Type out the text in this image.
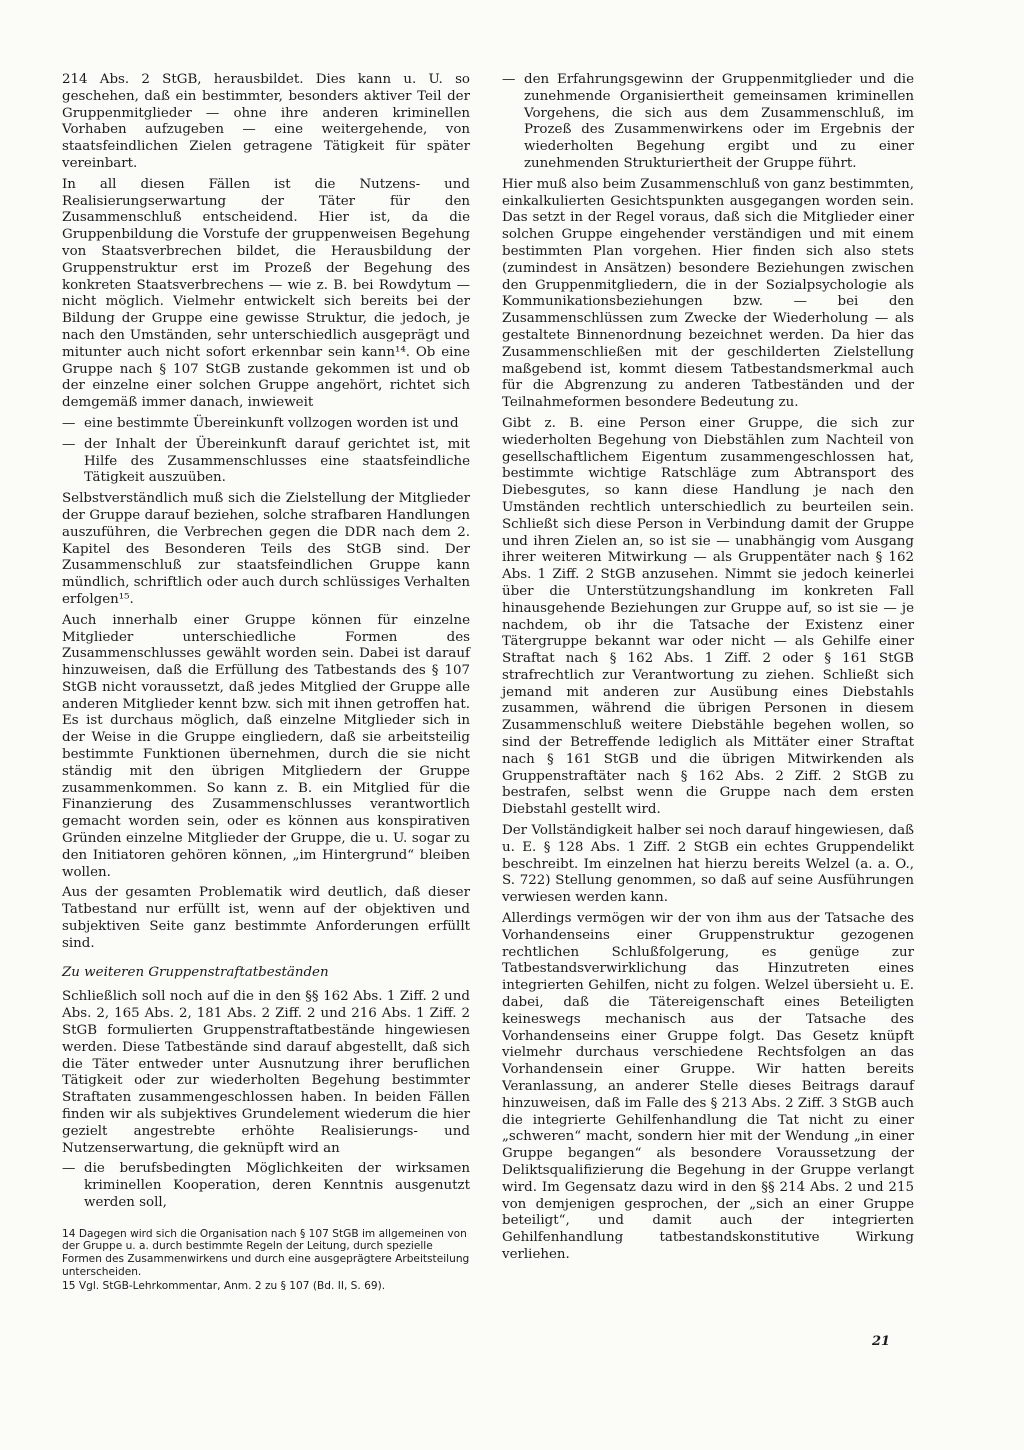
214 Abs. 2 StGB, herausbildet. Dies kann u. U. so geschehen, daß ein bestimmter, besonders aktiver Teil der Gruppenmitglieder — ohne ihre anderen kriminellen Vorhaben aufzugeben — eine weitergehende, von staatsfeindlichen Zielen getragene Tätigkeit für später vereinbart.

In all diesen Fällen ist die Nutzens- und Realisierungserwartung der Täter für den Zusammenschluß entscheidend. Hier ist, da die Gruppenbildung die Vorstufe der gruppenweisen Begehung von Staatsverbrechen bildet, die Herausbildung der Gruppenstruktur erst im Prozeß der Begehung des konkreten Staatsverbrechens — wie z. B. bei Rowdytum — nicht möglich. Vielmehr entwickelt sich bereits bei der Bildung der Gruppe eine gewisse Struktur, die jedoch, je nach den Umständen, sehr unterschiedlich ausgeprägt und mitunter auch nicht sofort erkennbar sein kann¹⁴. Ob eine Gruppe nach § 107 StGB zustande gekommen ist und ob der einzelne einer solchen Gruppe angehört, richtet sich demgemäß immer danach, inwieweit

— eine bestimmte Übereinkunft vollzogen worden ist und
— der Inhalt der Übereinkunft darauf gerichtet ist, mit Hilfe des Zusammenschlusses eine staatsfeindliche Tätigkeit auszuüben.

Selbstverständlich muß sich die Zielstellung der Mitglieder der Gruppe darauf beziehen, solche strafbaren Handlungen auszuführen, die Verbrechen gegen die DDR nach dem 2. Kapitel des Besonderen Teils des StGB sind. Der Zusammenschluß zur staatsfeindlichen Gruppe kann mündlich, schriftlich oder auch durch schlüssiges Verhalten erfolgen¹⁵.

Auch innerhalb einer Gruppe können für einzelne Mitglieder unterschiedliche Formen des Zusammenschlusses gewählt worden sein. Dabei ist darauf hinzuweisen, daß die Erfüllung des Tatbestands des § 107 StGB nicht voraussetzt, daß jedes Mitglied der Gruppe alle anderen Mitglieder kennt bzw. sich mit ihnen getroffen hat. Es ist durchaus möglich, daß einzelne Mitglieder sich in der Weise in die Gruppe eingliedern, daß sie arbeitsteilig bestimmte Funktionen übernehmen, durch die sie nicht ständig mit den übrigen Mitgliedern der Gruppe zusammenkommen. So kann z. B. ein Mitglied für die Finanzierung des Zusammenschlusses verantwortlich gemacht worden sein, oder es können aus konspirativen Gründen einzelne Mitglieder der Gruppe, die u. U. sogar zu den Initiatoren gehören können, „im Hintergrund“ bleiben wollen.

Aus der gesamten Problematik wird deutlich, daß dieser Tatbestand nur erfüllt ist, wenn auf der objektiven und subjektiven Seite ganz bestimmte Anforderungen erfüllt sind.

Zu weiteren Gruppenstraftatbeständen

Schließlich soll noch auf die in den §§ 162 Abs. 1 Ziff. 2 und Abs. 2, 165 Abs. 2, 181 Abs. 2 Ziff. 2 und 216 Abs. 1 Ziff. 2 StGB formulierten Gruppenstraftatbestände hingewiesen werden. Diese Tatbestände sind darauf abgestellt, daß sich die Täter entweder unter Ausnutzung ihrer beruflichen Tätigkeit oder zur wiederholten Begehung bestimmter Straftaten zusammengeschlossen haben. In beiden Fällen finden wir als subjektives Grundelement wiederum die hier gezielt angestrebte erhöhte Realisierungs- und Nutzenserwartung, die geknüpft wird an

— die berufsbedingten Möglichkeiten der wirksamen kriminellen Kooperation, deren Kenntnis ausgenutzt werden soll,

14 Dagegen wird sich die Organisation nach § 107 StGB im allgemeinen von der Gruppe u. a. durch bestimmte Regeln der Leitung, durch spezielle Formen des Zusammenwirkens und durch eine ausgeprägtere Arbeitsteilung unterscheiden.

15 Vgl. StGB-Lehrkommentar, Anm. 2 zu § 107 (Bd. II, S. 69).

— den Erfahrungsgewinn der Gruppenmitglieder und die zunehmende Organisiertheit gemeinsamen kriminellen Vorgehens, die sich aus dem Zusammenschluß, im Prozeß des Zusammenwirkens oder im Ergebnis der wiederholten Begehung ergibt und zu einer zunehmenden Strukturiertheit der Gruppe führt.

Hier muß also beim Zusammenschluß von ganz bestimmten, einkalkulierten Gesichtspunkten ausgegangen worden sein. Das setzt in der Regel voraus, daß sich die Mitglieder einer solchen Gruppe eingehender verständigen und mit einem bestimmten Plan vorgehen. Hier finden sich also stets (zumindest in Ansätzen) besondere Beziehungen zwischen den Gruppenmitgliedern, die in der Sozialpsychologie als Kommunikationsbeziehungen bzw. — bei den Zusammenschlüssen zum Zwecke der Wiederholung — als gestaltete Binnenordnung bezeichnet werden. Da hier das Zusammenschließen mit der geschilderten Zielstellung maßgebend ist, kommt diesem Tatbestandsmerkmal auch für die Abgrenzung zu anderen Tatbeständen und der Teilnahmeformen besondere Bedeutung zu.

Gibt z. B. eine Person einer Gruppe, die sich zur wiederholten Begehung von Diebstählen zum Nachteil von gesellschaftlichem Eigentum zusammengeschlossen hat, bestimmte wichtige Ratschläge zum Abtransport des Diebesgutes, so kann diese Handlung je nach den Umständen rechtlich unterschiedlich zu beurteilen sein. Schließt sich diese Person in Verbindung damit der Gruppe und ihren Zielen an, so ist sie — unabhängig vom Ausgang ihrer weiteren Mitwirkung — als Gruppentäter nach § 162 Abs. 1 Ziff. 2 StGB anzusehen. Nimmt sie jedoch keinerlei über die Unterstützungshandlung im konkreten Fall hinausgehende Beziehungen zur Gruppe auf, so ist sie — je nachdem, ob ihr die Tatsache der Existenz einer Tätergruppe bekannt war oder nicht — als Gehilfe einer Straftat nach § 162 Abs. 1 Ziff. 2 oder § 161 StGB strafrechtlich zur Verantwortung zu ziehen. Schließt sich jemand mit anderen zur Ausübung eines Diebstahls zusammen, während die übrigen Personen in diesem Zusammenschluß weitere Diebstähle begehen wollen, so sind der Betreffende lediglich als Mittäter einer Straftat nach § 161 StGB und die übrigen Mitwirkenden als Gruppenstraftäter nach § 162 Abs. 2 Ziff. 2 StGB zu bestrafen, selbst wenn die Gruppe nach dem ersten Diebstahl gestellt wird.

Der Vollständigkeit halber sei noch darauf hingewiesen, daß u. E. § 128 Abs. 1 Ziff. 2 StGB ein echtes Gruppendelikt beschreibt. Im einzelnen hat hierzu bereits Welzel (a. a. O., S. 722) Stellung genommen, so daß auf seine Ausführungen verwiesen werden kann.

Allerdings vermögen wir der von ihm aus der Tatsache des Vorhandenseins einer Gruppenstruktur gezogenen rechtlichen Schlußfolgerung, es genüge zur Tatbestandsverwirklichung das Hinzutreten eines integrierten Gehilfen, nicht zu folgen. Welzel übersieht u. E. dabei, daß die Tätereigenschaft eines Beteiligten keineswegs mechanisch aus der Tatsache des Vorhandenseins einer Gruppe folgt. Das Gesetz knüpft vielmehr durchaus verschiedene Rechtsfolgen an das Vorhandensein einer Gruppe. Wir hatten bereits Veranlassung, an anderer Stelle dieses Beitrags darauf hinzuweisen, daß im Falle des § 213 Abs. 2 Ziff. 3 StGB auch die integrierte Gehilfenhandlung die Tat nicht zu einer „schweren“ macht, sondern hier mit der Wendung „in einer Gruppe begangen“ als besondere Voraussetzung der Deliktsqualifizierung die Begehung in der Gruppe verlangt wird. Im Gegensatz dazu wird in den §§ 214 Abs. 2 und 215 von demjenigen gesprochen, der „sich an einer Gruppe beteiligt“, und damit auch der integrierten Gehilfenhandlung tatbestandskonstitutive Wirkung verliehen.

21
